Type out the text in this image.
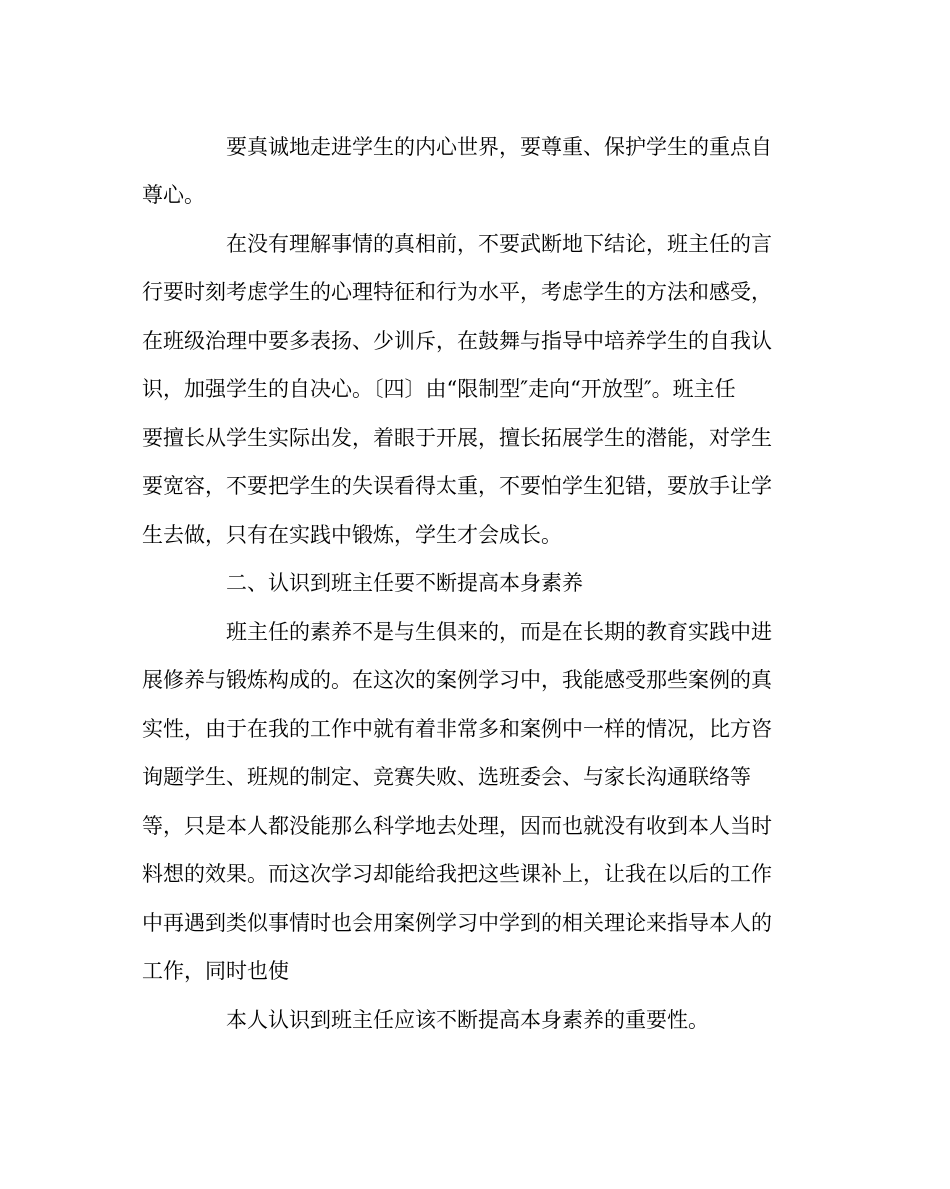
要真诚地走进学生的内心世界，要尊重、保护学生的重点自
尊心。
在没有理解事情的真相前，不要武断地下结论，班主任的言
行要时刻考虑学生的心理特征和行为水平，考虑学生的方法和感受，
在班级治理中要多表扬、少训斥，在鼓舞与指导中培养学生的自我认
识，加强学生的自决心。〔四〕由“限制型″走向“开放型″。班主任
要擅长从学生实际出发，着眼于开展，擅长拓展学生的潜能，对学生
要宽容，不要把学生的失误看得太重，不要怕学生犯错，要放手让学
生去做，只有在实践中锻炼，学生才会成长。
二、认识到班主任要不断提高本身素养
班主任的素养不是与生俱来的，而是在长期的教育实践中进
展修养与锻炼构成的。在这次的案例学习中，我能感受那些案例的真
实性，由于在我的工作中就有着非常多和案例中一样的情况，比方咨
询题学生、班规的制定、竞赛失败、选班委会、与家长沟通联络等
等，只是本人都没能那么科学地去处理，因而也就没有收到本人当时
料想的效果。而这次学习却能给我把这些课补上，让我在以后的工作
中再遇到类似事情时也会用案例学习中学到的相关理论来指导本人的
工作，同时也使
本人认识到班主任应该不断提高本身素养的重要性。
